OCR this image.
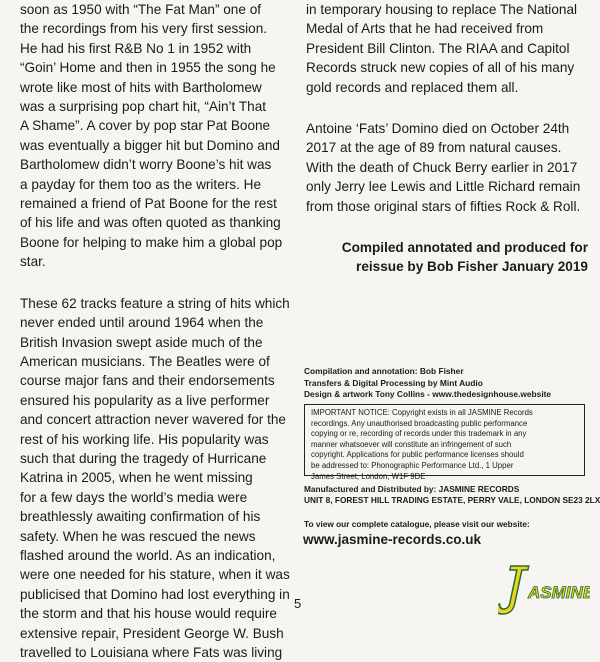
soon as 1950 with “The Fat Man” one of

the recordings from his very first session.

He had his first R&B No 1 in 1952 with

“Goin’ Home and then in 1955 the song he

wrote like most of hits with Bartholomew

was a surprising pop chart hit, “Ain’t That

A Shame”. A cover by pop star Pat Boone

was eventually a bigger hit but Domino and

Bartholomew didn’t worry Boone’s hit was

a payday for them too as the writers. He

remained a friend of Pat Boone for the rest

of his life and was often quoted as thanking

Boone for helping to make him a global pop

star.

These 62 tracks feature a string of hits which

never ended until around 1964 when the

British Invasion swept aside much of the

American musicians. The Beatles were of

course major fans and their endorsements

ensured his popularity as a live performer

and concert attraction never wavered for the

rest of his working life. His popularity was

such that during the tragedy of Hurricane

Katrina in 2005, when he went missing

for a few days the world’s media were

breathlessly awaiting confirmation of his

safety. When he was rescued the news

flashed around the world. As an indication,

were one needed for his stature, when it was

publicised that Domino had lost everything in

the storm and that his house would require

extensive repair, President George W. Bush

travelled to Louisiana where Fats was living

in temporary housing to replace The National

Medal of Arts that he had received from

President Bill Clinton. The RIAA and Capitol

Records struck new copies of all of his many

gold records and replaced them all.

Antoine ‘Fats’ Domino died on October 24th

2017 at the age of 89 from natural causes.

With the death of Chuck Berry earlier in 2017

only Jerry lee Lewis and Little Richard remain

from those original stars of fifties Rock & Roll.

Compiled annotated and produced for

reissue by Bob Fisher January 2019

Compilation and annotation: Bob Fisher

Transfers & Digital Processing by Mint Audio

Design & artwork Tony Collins - www.thedesignhouse.website

IMPORTANT NOTICE: Copyright exists in all JASMINE Records

recordings. Any unauthorised broadcasting public performance

copying or re, recording of records under this trademark in any

manner whatsoever will constitute an infringement of such

copyright. Applications for public performance licenses should

be addressed to: Phonographic Performance Ltd., 1 Upper

James Street, London, W1F 9DE

Manufactured and Distributed by: JASMINE RECORDS

UNIT 8, FOREST HILL TRADING ESTATE, PERRY VALE, LONDON SE23 2LX

To view our complete catalogue, please visit our website:

www.jasmine-records.co.uk
ASMINE
5
